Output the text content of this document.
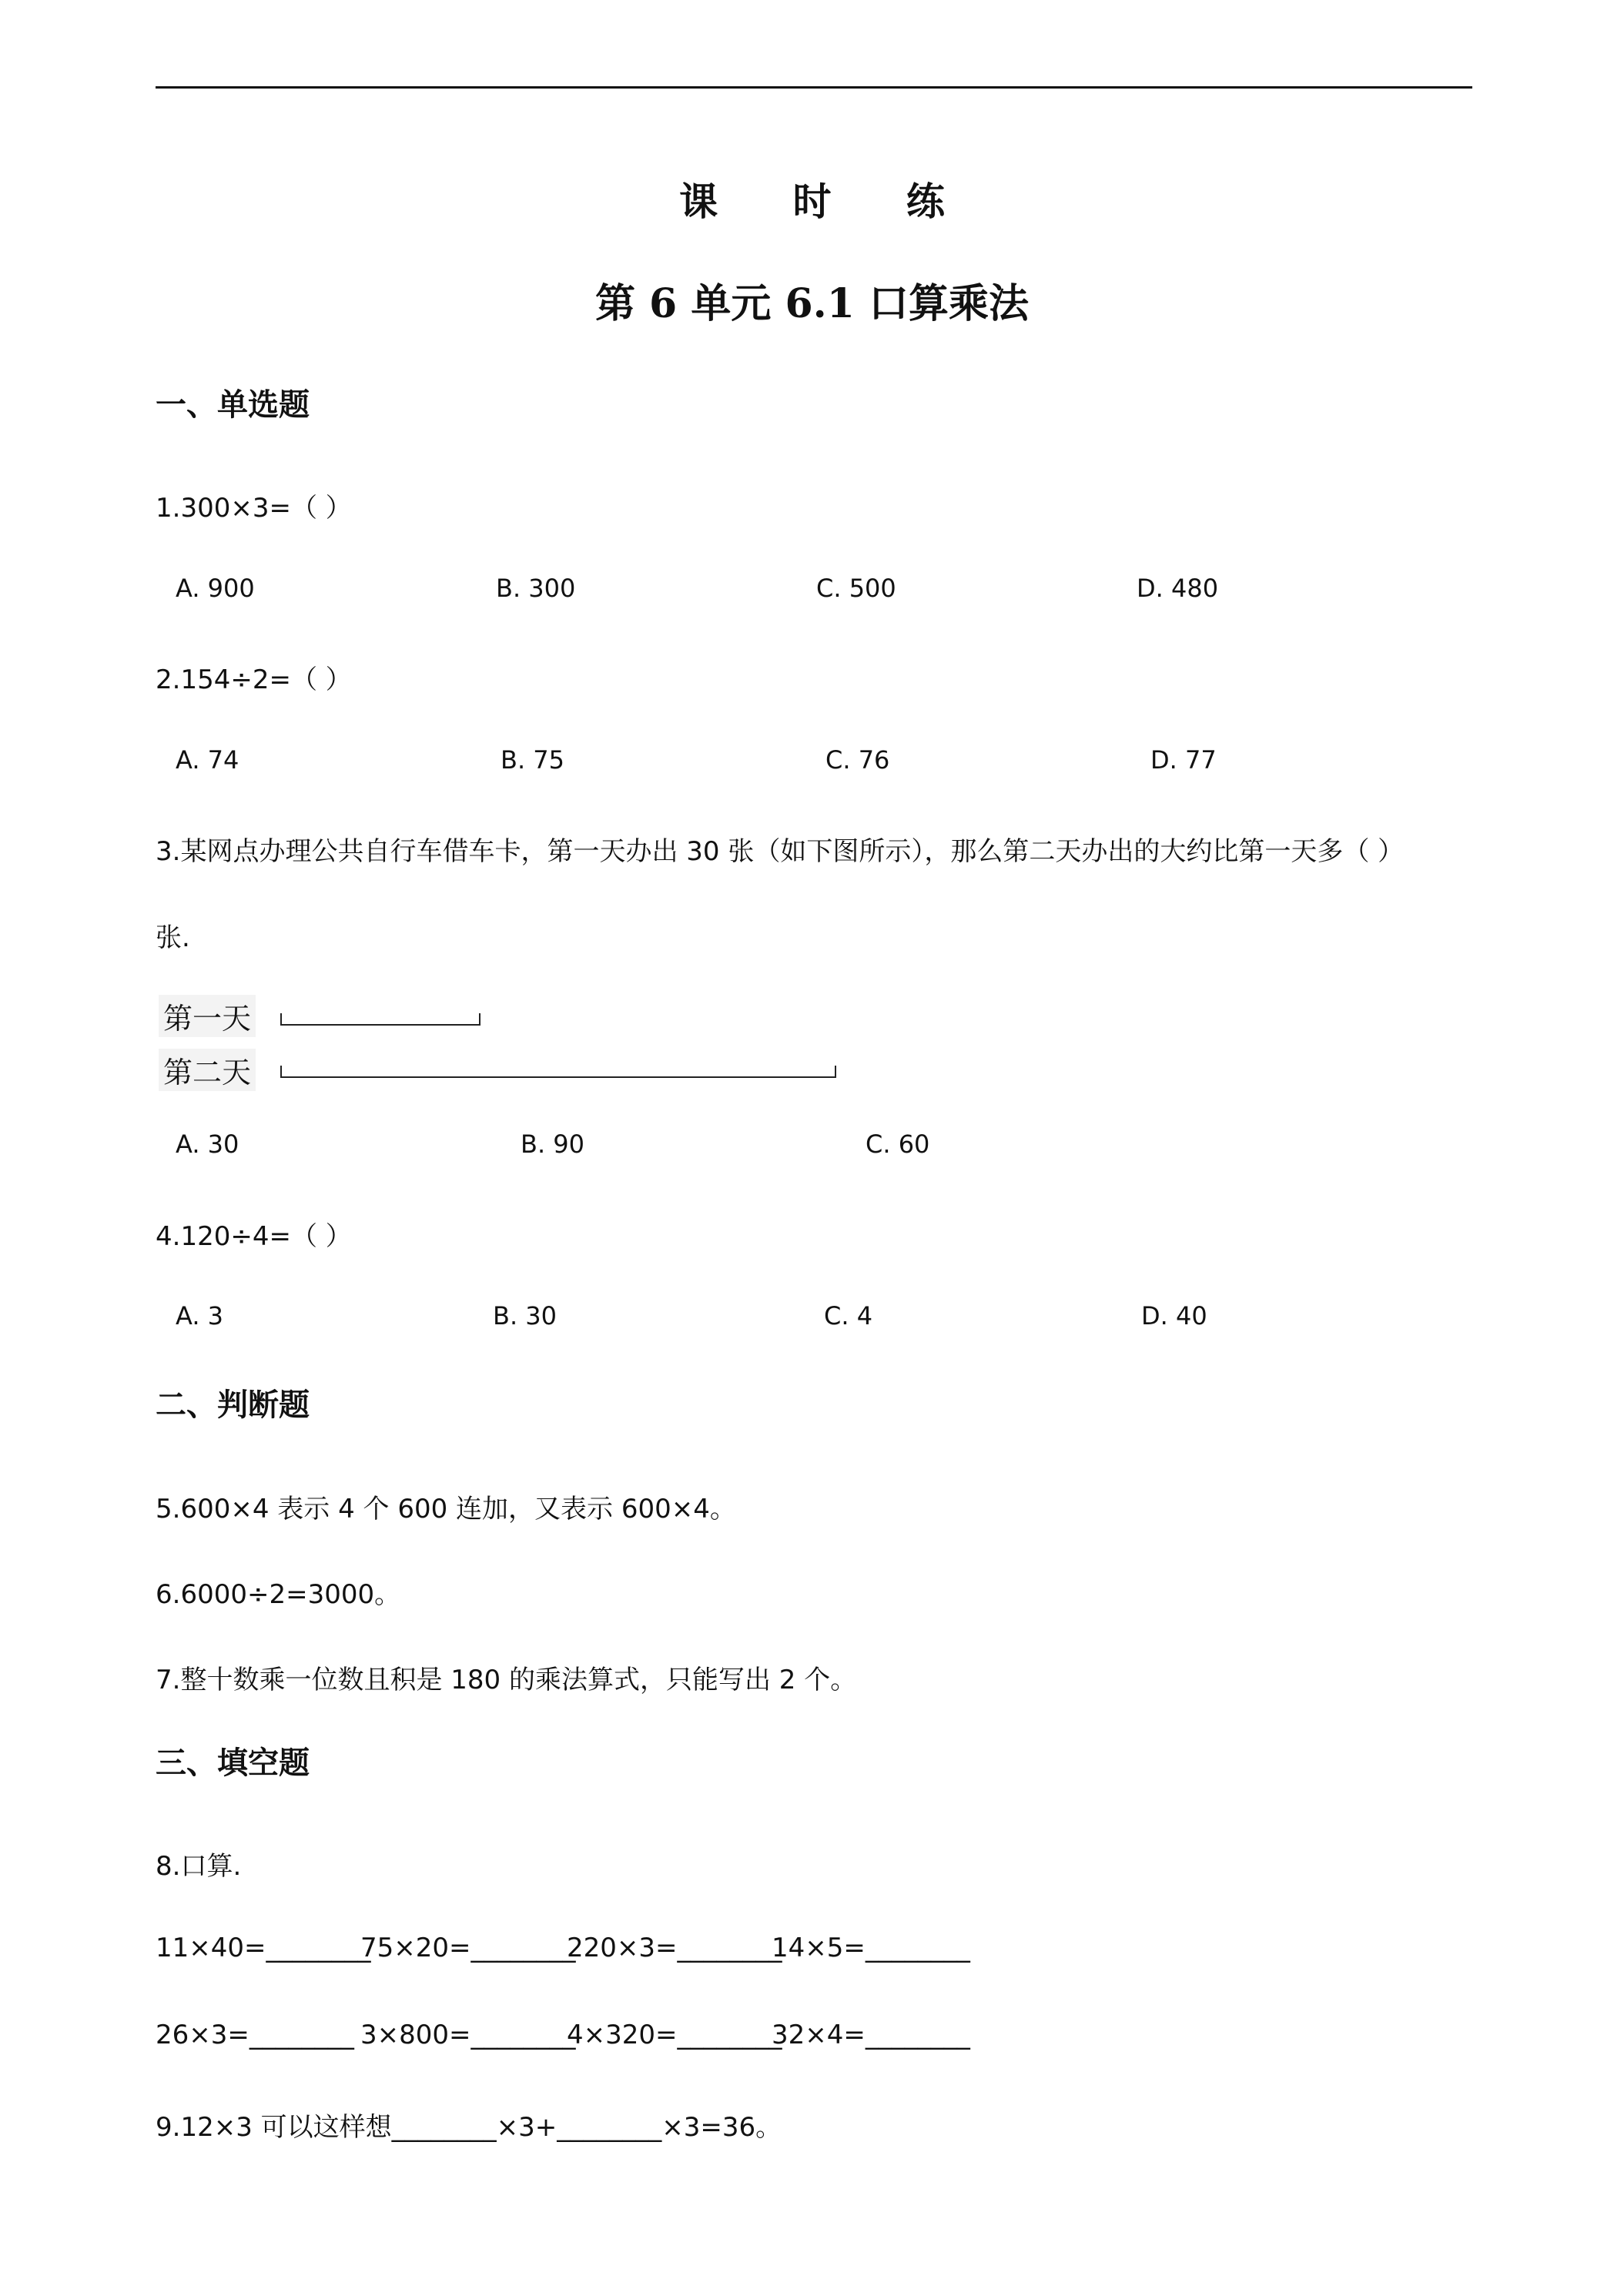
课 时 练
第 6 单元 6.1 口算乘法
一、单选题
1.300×3=（ ）
A. 900	B. 300	C. 500	D. 480
2.154÷2=（ ）
A. 74	B. 75	C. 76	D. 77
3.某网点办理公共自行车借车卡，第一天办出 30 张（如下图所示），那么第二天办出的大约比第一天多（ ）
张.
第一天
第二天
A. 30	B. 90	C. 60
4.120÷4=（ ）
A. 3	B. 30	C. 4	D. 40
二、判断题
5.600×4 表示 4 个 600 连加，又表示 600×4。
6.6000÷2=3000。
7.整十数乘一位数且积是 180 的乘法算式，只能写出 2 个。
三、填空题
8.口算.
11×40=________
75×20=________
220×3=________
14×5=________
26×3=________ 3×800=________
4×320=________
32×4=________
9.12×3 可以这样想________×3+________×3=36。
